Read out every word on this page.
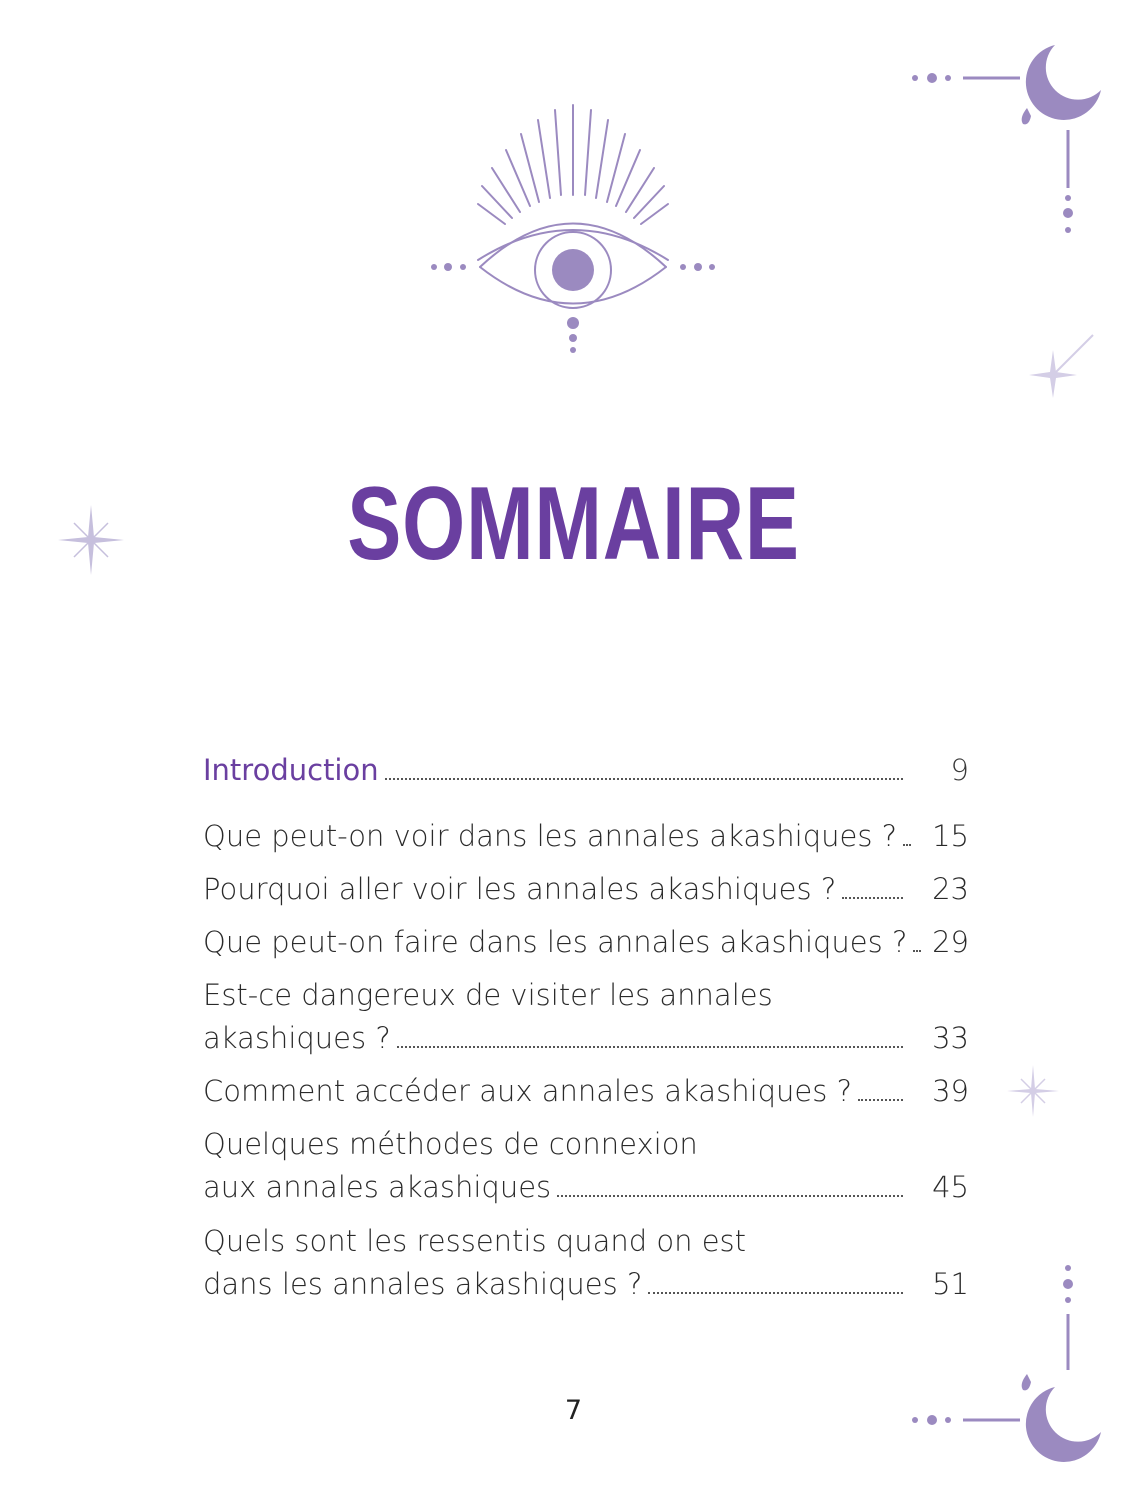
SOMMAIRE
Introduction	9
Que peut-on voir dans les annales akashiques ? 15
Pourquoi aller voir les annales akashiques ?	23
Que peut-on faire dans les annales akashiques ? 29
Est-ce dangereux de visiter les annales
akashiques ?	33
Comment accéder aux annales akashiques ?	39
Quelques méthodes de connexion
aux annales akashiques	45
Quels sont les ressentis quand on est
dans les annales akashiques ?	51
7
